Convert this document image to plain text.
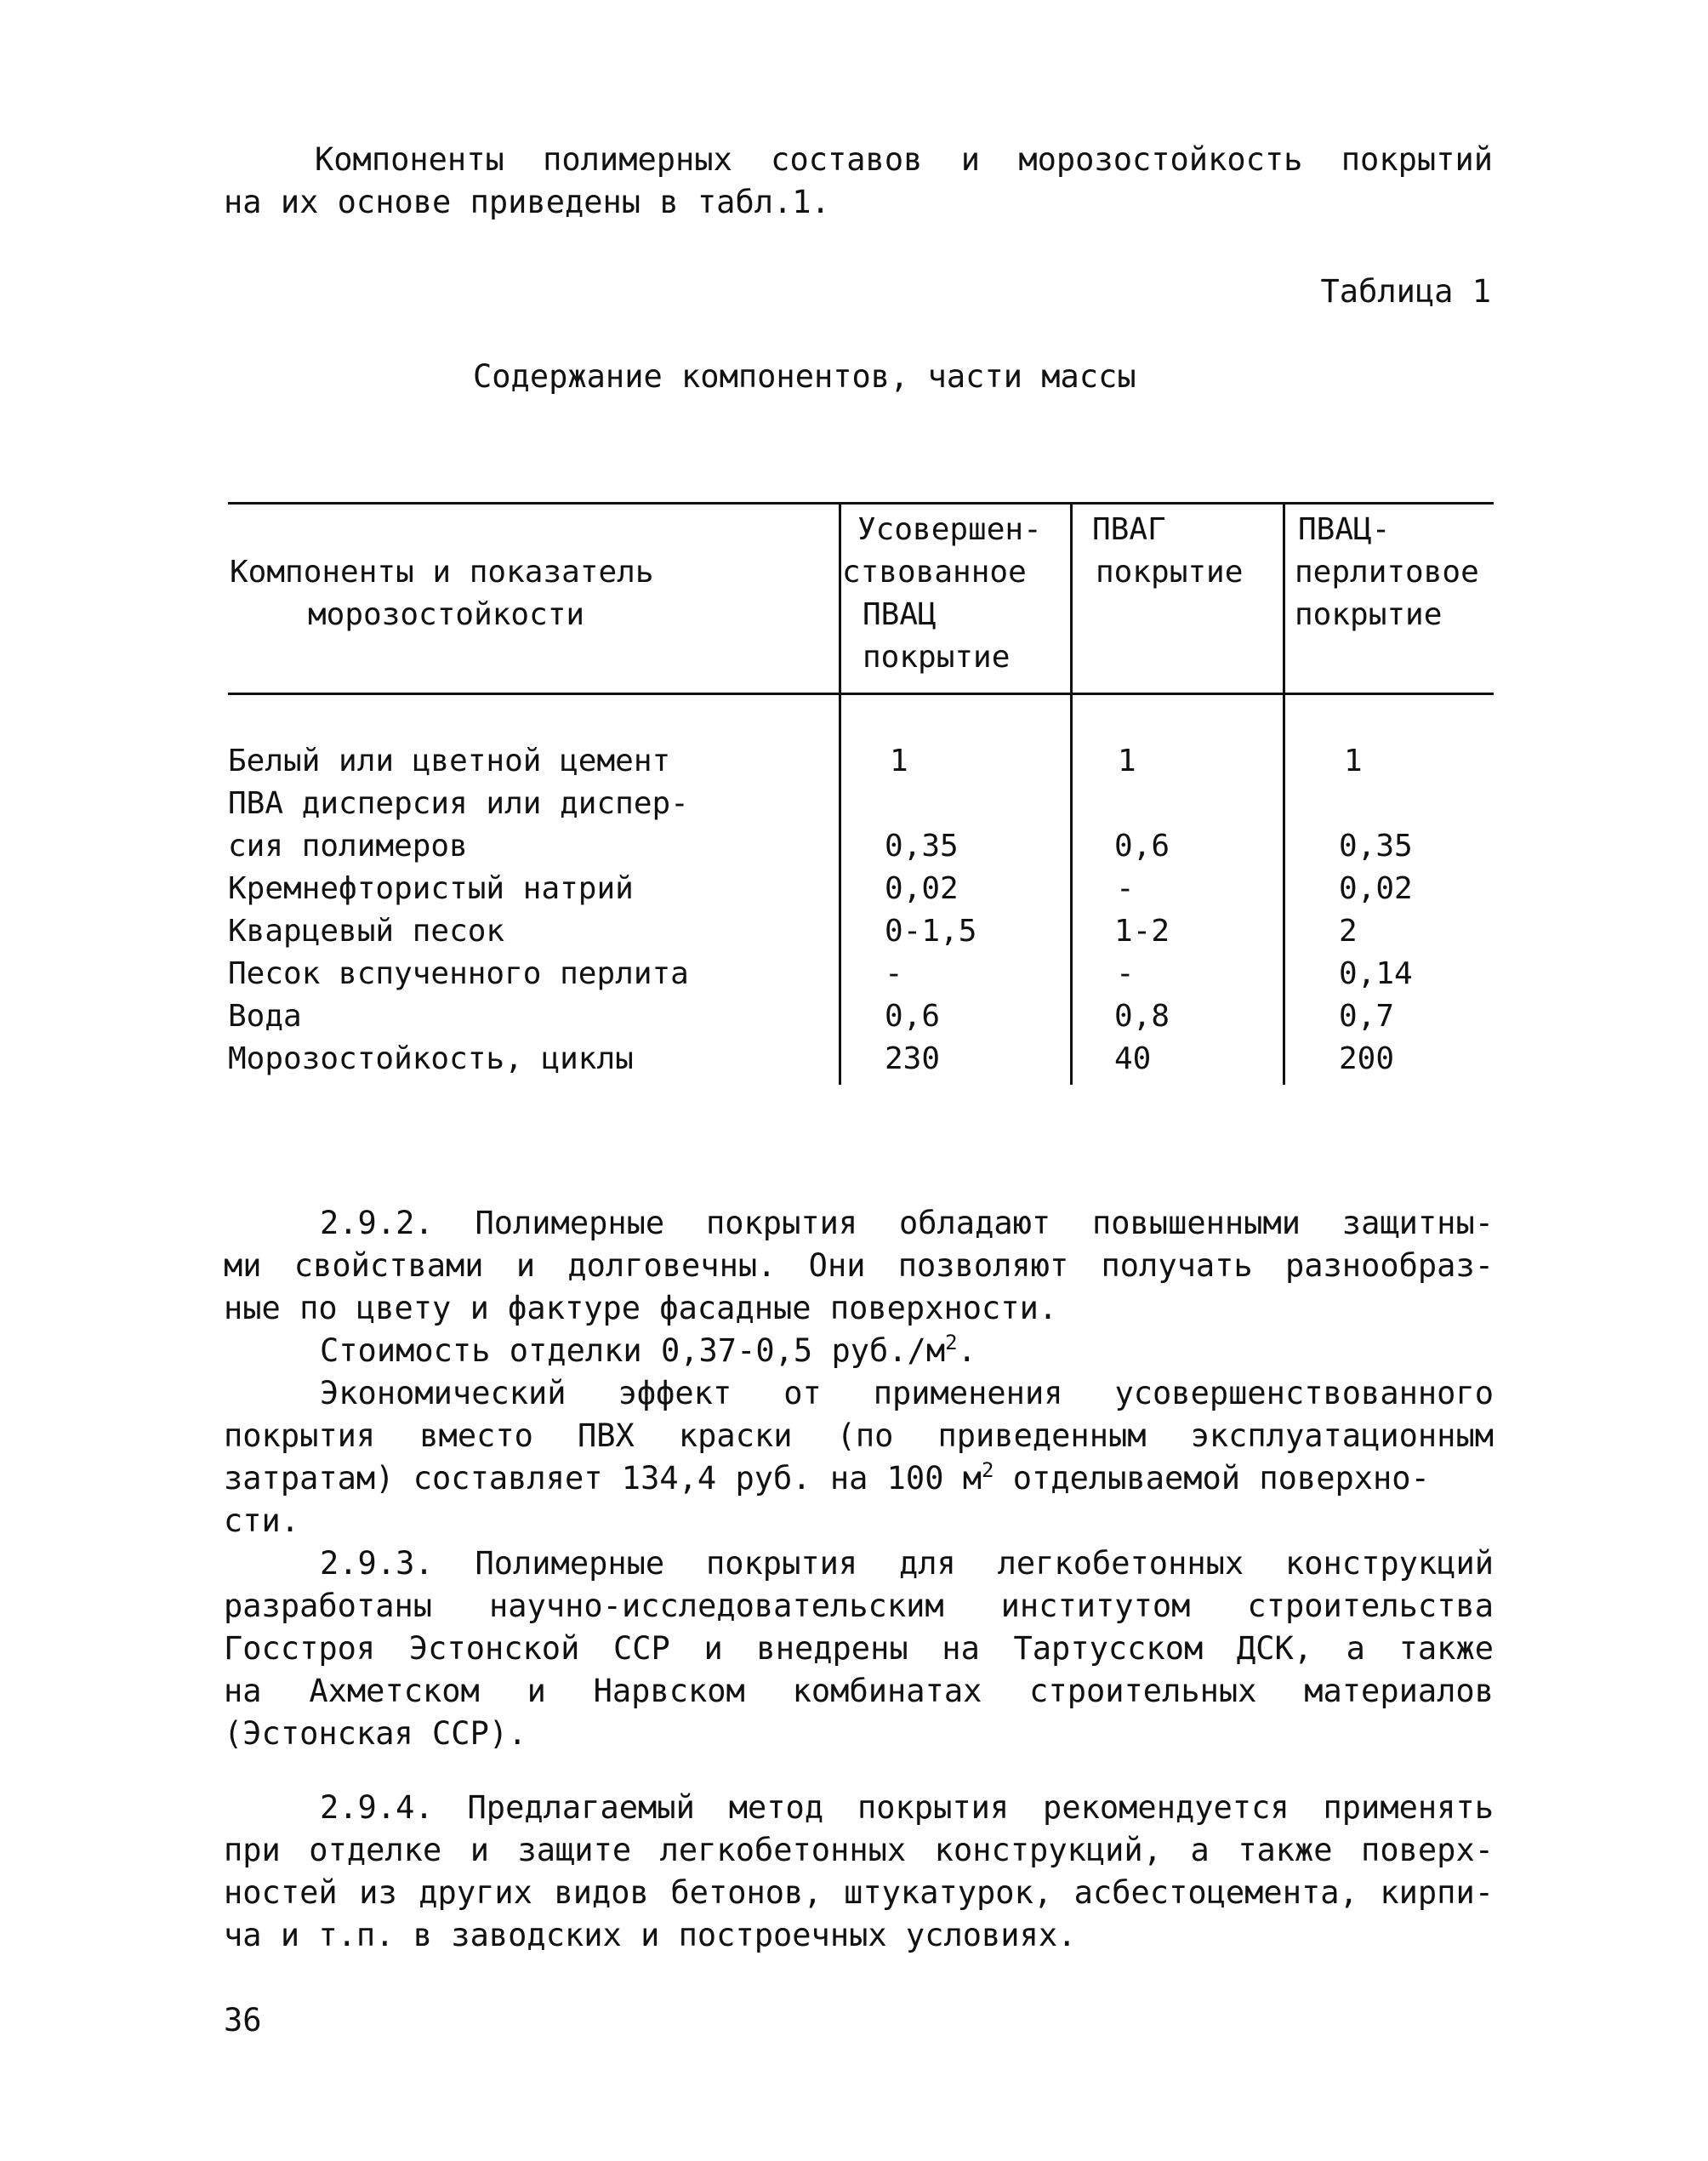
Компоненты полимерных составов и морозостойкость покрытий
на их основе приведены в табл.1.
Таблица 1
Содержание компонентов, части массы
Компоненты и показатель
морозостойкости
Усовершен-
ствованное
ПВАЦ
покрытие
ПВАГ
покрытие
ПВАЦ-
перлитовое
покрытие
Белый или цветной цемент
ПВА дисперсия или диспер-
сия полимеров
Кремнефтористый натрий
Кварцевый песок
Песок вспученного перлита
Вода
Морозостойкость, циклы
1
0,35
0,02
0-1,5
-
0,6
230
1
0,6
-
1-2
-
0,8
40
1
0,35
0,02
2
0,14
0,7
200
2.9.2. Полимерные покрытия обладают повышенными защитны-
ми свойствами и долговечны. Они позволяют получать разнообраз-
ные по цвету и фактуре фасадные поверхности.
Стоимость отделки 0,37-0,5 $руб./м^2$.
Экономический эффект от применения усовершенствованного
покрытия вместо ПВХ краски (по приведенным эксплуатационным
затратам) составляет 134,4 руб. на 100 $м^2$ отделываемой поверхно-
сти.
2.9.3. Полимерные покрытия для легкобетонных конструкций
разработаны научно-исследовательским институтом строительства
Госстроя Эстонской ССР и внедрены на Тартусском ДСК, а также
на Ахметском и Нарвском комбинатах строительных материалов
(Эстонская ССР).
2.9.4. Предлагаемый метод покрытия рекомендуется применять
при отделке и защите легкобетонных конструкций, а также поверх-
ностей из других видов бетонов, штукатурок, асбестоцемента, кирпи-
ча и т.п. в заводских и построечных условиях.
36
